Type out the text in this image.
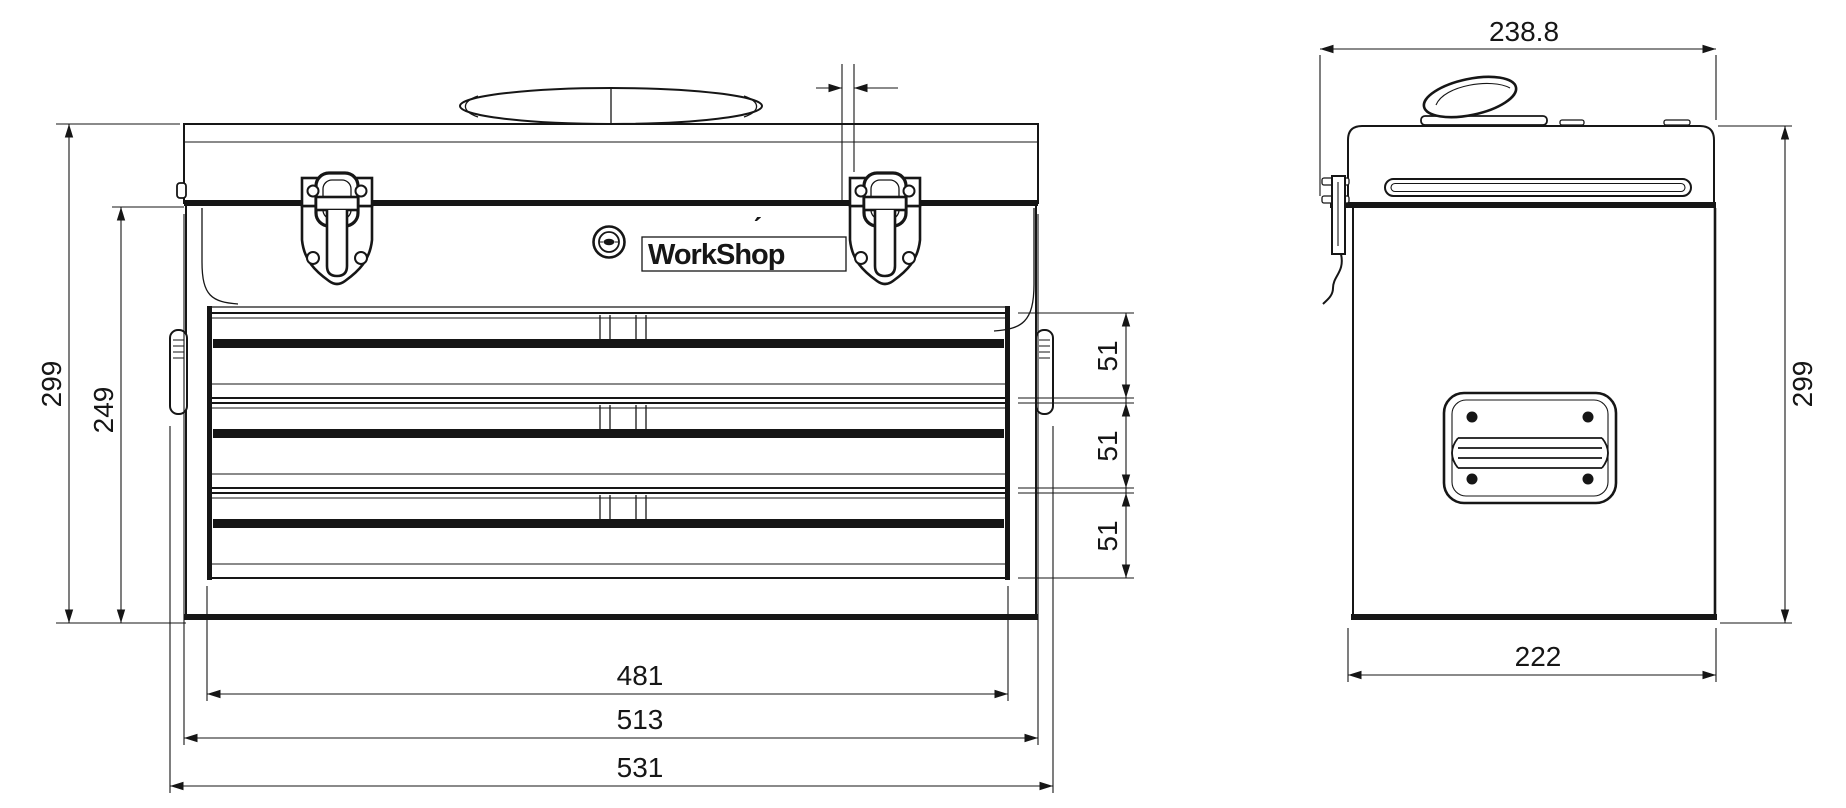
WorkShop
ˊ
299
249
51
51
51
481
513
531
238.8
299
222
